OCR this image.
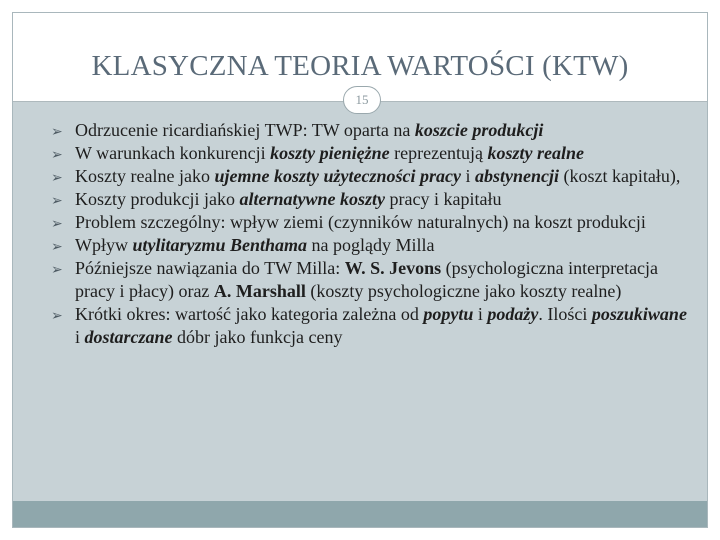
KLASYCZNA TEORIA WARTOŚCI (KTW)
15
➢ Odrzucenie ricardiańskiej TWP: TW oparta na koszcie produkcji
➢ W warunkach konkurencji koszty pieniężne reprezentują koszty realne
➢ Koszty realne jako ujemne koszty użyteczności pracy i abstynencji (koszt kapitału),
➢ Koszty produkcji jako alternatywne koszty pracy i kapitału
➢ Problem szczególny: wpływ ziemi (czynników naturalnych) na koszt produkcji
➢ Wpływ utylitaryzmu Benthama na poglądy Milla
➢ Późniejsze nawiązania do TW Milla: W. S. Jevons (psychologiczna interpretacja pracy i płacy) oraz A. Marshall (koszty psychologiczne jako koszty realne)
➢ Krótki okres: wartość jako kategoria zależna od popytu i podaży. Ilości poszukiwane i dostarczane dóbr jako funkcja ceny
